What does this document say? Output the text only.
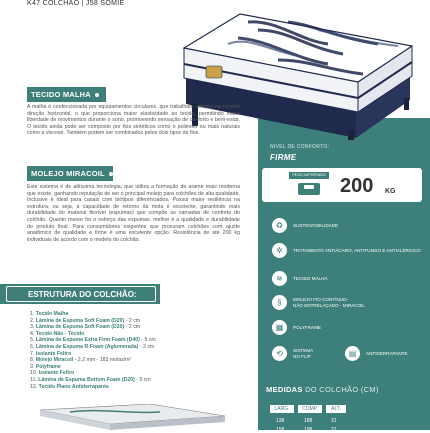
K47 COLCHÃO | J58 SOMIE
TECIDO MALHA
A malha é confeccionada por equipamentos circulares, que trabalham sempre na mesma direção horizontal, o que proporciona maior elasticidade ao tecido, permitindo maior liberdade de movimentos durante o sono, promovendo sensação de conforto e bem-estar. O tecido ainda pode ser composto por fios sintéticos como o poliéster ou mais naturais como a viscose. Também podem ser combinados pelos dois tipos de fios.
MOLEJO MIRACOIL
Este sistema é de altíssima tecnologia, que utiliza a formação de arame mais moderna que existe, ganhando reputação de ser o principal molejo para colchões de alta qualidade. Inclusive é ideal para casais com biótipos diferenciados. Possui maior resiliência na estrutura, ou seja, a capacidade de retorno da mola é excelente, garantindo mais durabilidade do material flexível (espumas) que compõe as camadas de conforto do colchão. Quanto menor for o esforço das espumas, melhor é a qualidade e durabilidade do produto final. Para consumidores exigentes que procuram colchões com ajuste anatômico de qualidade e firme é uma excelente opção. Resistência de até 200 kg individuais de acordo com o modelo do colchão.
ESTRUTURA DO COLCHÃO:
1. Tecido Malha
2. Lâmina de Espuma Soft Foam (D20) - 2 cm
3. Lâmina de Espuma Soft Foam (D20) - 2 cm
4. Tecido Não - Tecido
5. Lâmina de Espuma Extra Firm Foam (D40) - 5 cm
6. Lâmina de Espuma R Foam (Aglomerada) - 2 cm
7. Isolante Feltro
8. Molejo Miracoil - 2,2 mm - 183 molas/m²
9. Polyframe
10. Isolante Feltro
11. Lâmina de Espuma Bottom Foam (D20) - 5 cm
12. Tecido Plano Antiderrapante
NÍVEL DE CONFORTO:
FIRME
PESO SUPORTADO 200 KG
♻	SUSTENTABILIDADE
✲	TRATAMENTO ANTIÁCARO, ANTIFUNGO E ANTIALÉRGICO
≋	TECIDO MALHA
§	MOLEJO FIO CONTÍNUO-
NÃO ENTRELAÇADO - MIRACOIL
▦	POLYFRAME
⟲	SISTEMA
NO FLIP	▤	ANTIDERRAPANTE
MEDIDAS DO COLCHÃO (CM)
LARG.	COMP.	ALT.
138	188	31
158	198	31
